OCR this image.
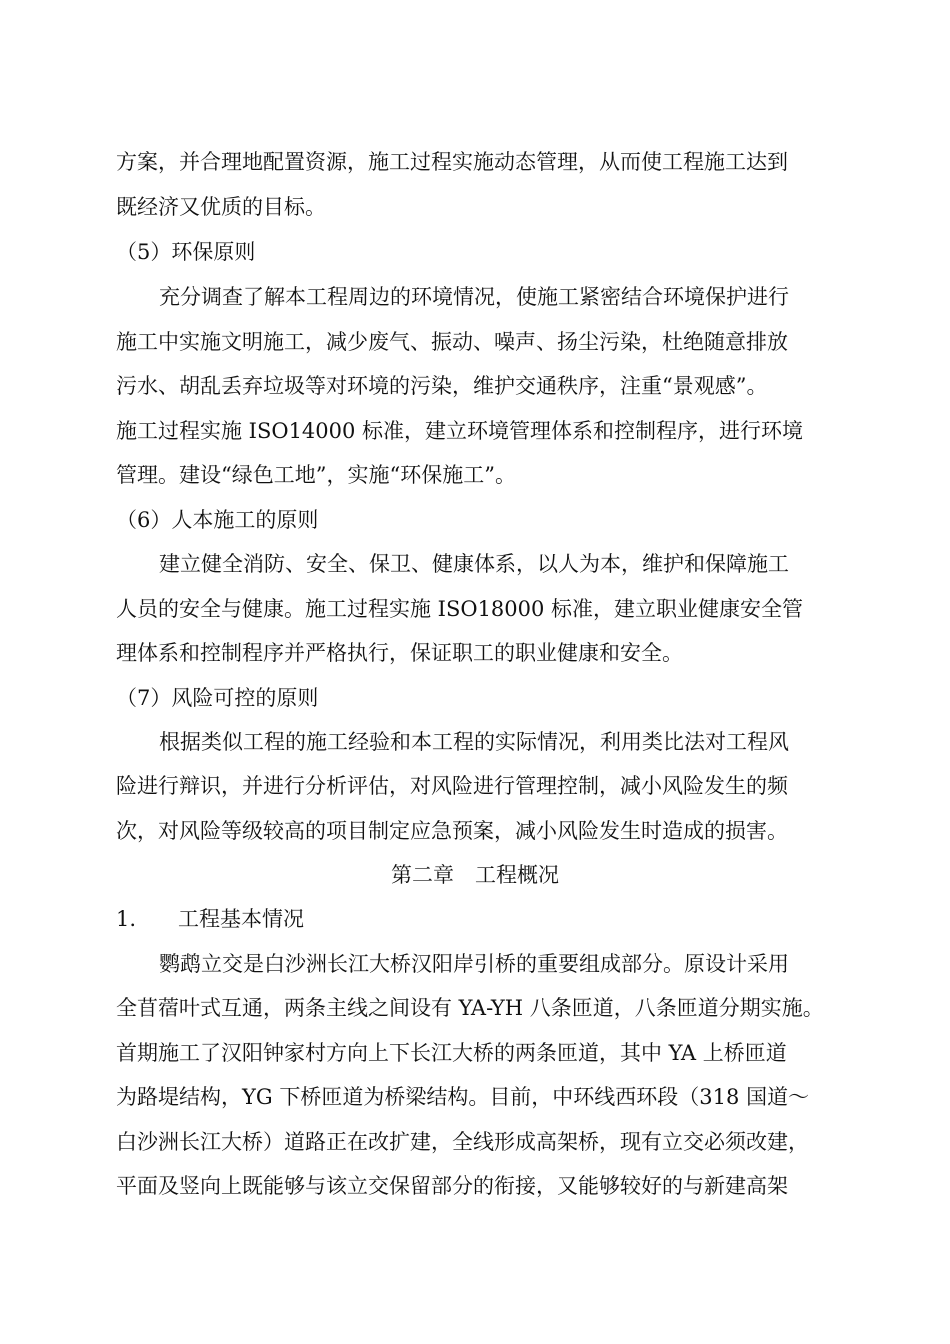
方案，并合理地配置资源，施工过程实施动态管理，从而使工程施工达到
既经济又优质的目标。
（5）环保原则
充分调查了解本工程周边的环境情况，使施工紧密结合环境保护进行
施工中实施文明施工，减少废气、振动、噪声、扬尘污染，杜绝随意排放
污水、胡乱丢弃垃圾等对环境的污染，维护交通秩序，注重“景观感”。
施工过程实施 ISO14000 标准，建立环境管理体系和控制程序，进行环境
管理。建设“绿色工地”，实施“环保施工”。
（6）人本施工的原则
建立健全消防、安全、保卫、健康体系，以人为本，维护和保障施工
人员的安全与健康。施工过程实施 ISO18000 标准，建立职业健康安全管
理体系和控制程序并严格执行，保证职工的职业健康和安全。
（7）风险可控的原则
根据类似工程的施工经验和本工程的实际情况，利用类比法对工程风
险进行辩识，并进行分析评估，对风险进行管理控制，减小风险发生的频
次，对风险等级较高的项目制定应急预案，减小风险发生时造成的损害。
第二章　工程概况
1.　　工程基本情况
鹦鹉立交是白沙洲长江大桥汉阳岸引桥的重要组成部分。原设计采用
全苜蓿叶式互通，两条主线之间设有 YA-YH 八条匝道，八条匝道分期实施。
首期施工了汉阳钟家村方向上下长江大桥的两条匝道，其中 YA 上桥匝道
为路堤结构，YG 下桥匝道为桥梁结构。目前，中环线西环段（318 国道～
白沙洲长江大桥）道路正在改扩建，全线形成高架桥，现有立交必须改建，
平面及竖向上既能够与该立交保留部分的衔接，又能够较好的与新建高架
